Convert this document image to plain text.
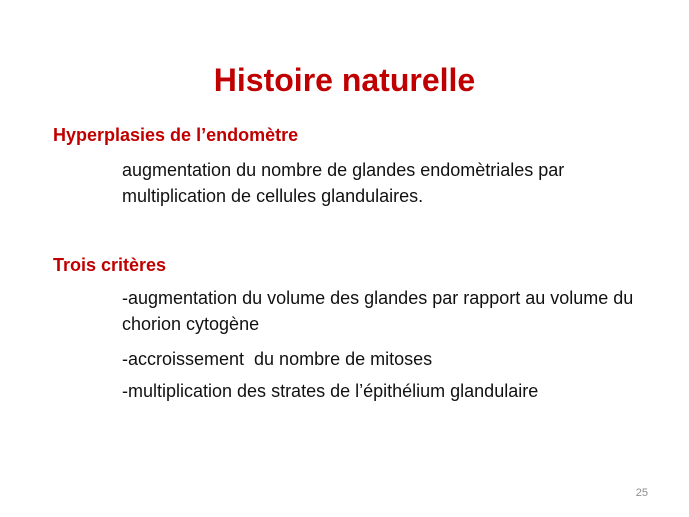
Histoire naturelle
Hyperplasies de l’endomètre
augmentation du nombre de glandes endomètriales par multiplication de cellules glandulaires.
Trois critères
-augmentation du volume des glandes par rapport au volume du chorion cytogène
-accroissement  du nombre de mitoses
-multiplication des strates de l’épithélium glandulaire
25
